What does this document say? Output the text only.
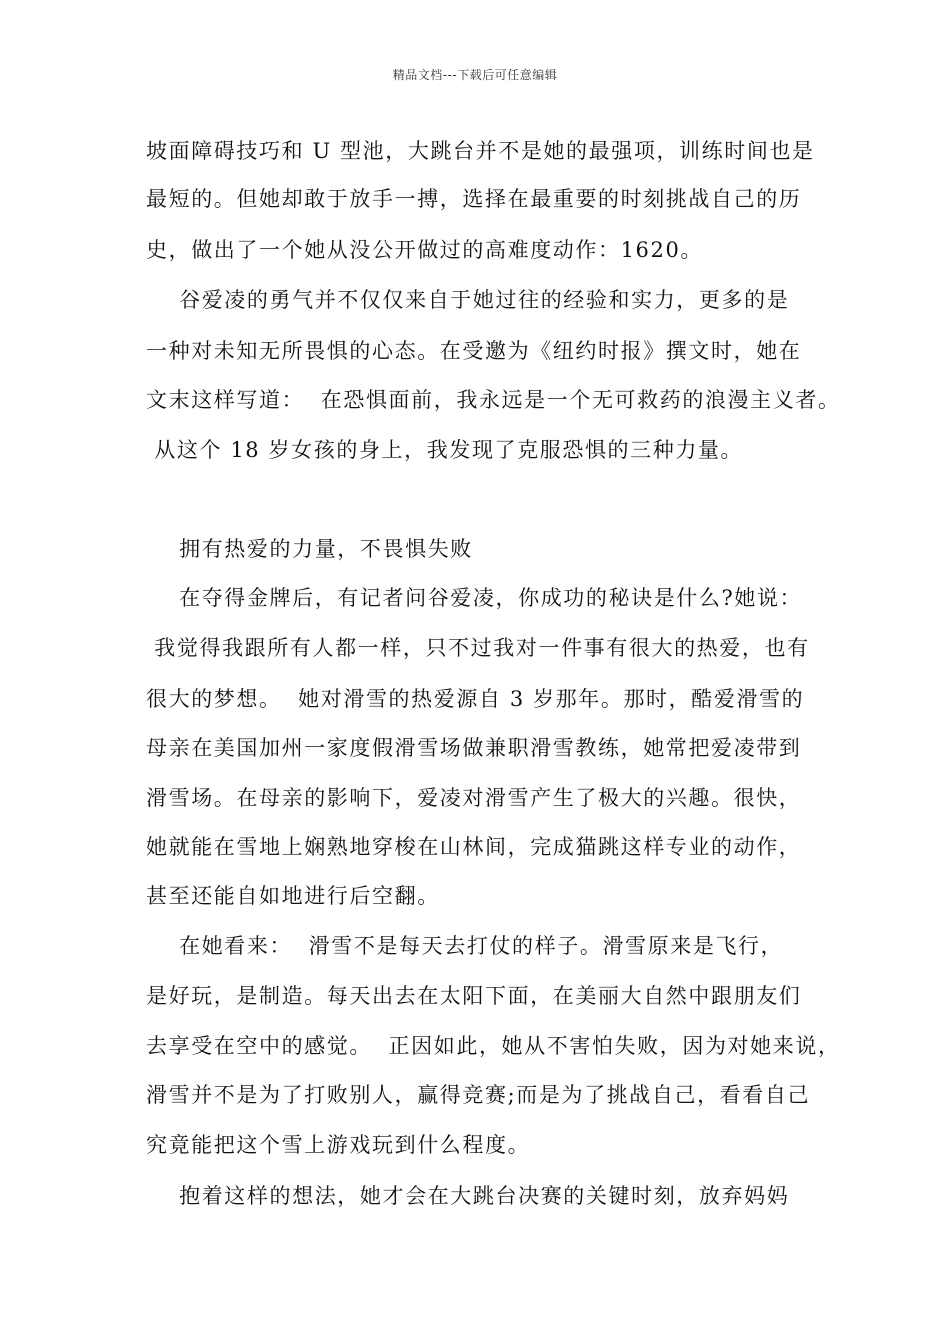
精品文档---下载后可任意编辑
坡面障碍技巧和 U 型池，大跳台并不是她的最强项，训练时间也是
最短的。但她却敢于放手一搏，选择在最重要的时刻挑战自己的历
史，做出了一个她从没公开做过的高难度动作：1620。
谷爱凌的勇气并不仅仅来自于她过往的经验和实力，更多的是
一种对未知无所畏惧的心态。在受邀为《纽约时报》撰文时，她在
文末这样写道：  在恐惧面前，我永远是一个无可救药的浪漫主义者。
从这个 18 岁女孩的身上，我发现了克服恐惧的三种力量。
拥有热爱的力量，不畏惧失败
在夺得金牌后，有记者问谷爱凌，你成功的秘诀是什么?她说：
我觉得我跟所有人都一样，只不过我对一件事有很大的热爱，也有
很大的梦想。  她对滑雪的热爱源自 3 岁那年。那时，酷爱滑雪的
母亲在美国加州一家度假滑雪场做兼职滑雪教练，她常把爱凌带到
滑雪场。在母亲的影响下，爱凌对滑雪产生了极大的兴趣。很快，
她就能在雪地上娴熟地穿梭在山林间，完成猫跳这样专业的动作，
甚至还能自如地进行后空翻。
在她看来：  滑雪不是每天去打仗的样子。滑雪原来是飞行，
是好玩，是制造。每天出去在太阳下面，在美丽大自然中跟朋友们
去享受在空中的感觉。  正因如此，她从不害怕失败，因为对她来说，
滑雪并不是为了打败别人，赢得竞赛;而是为了挑战自己，看看自己
究竟能把这个雪上游戏玩到什么程度。
抱着这样的想法，她才会在大跳台决赛的关键时刻，放弃妈妈
